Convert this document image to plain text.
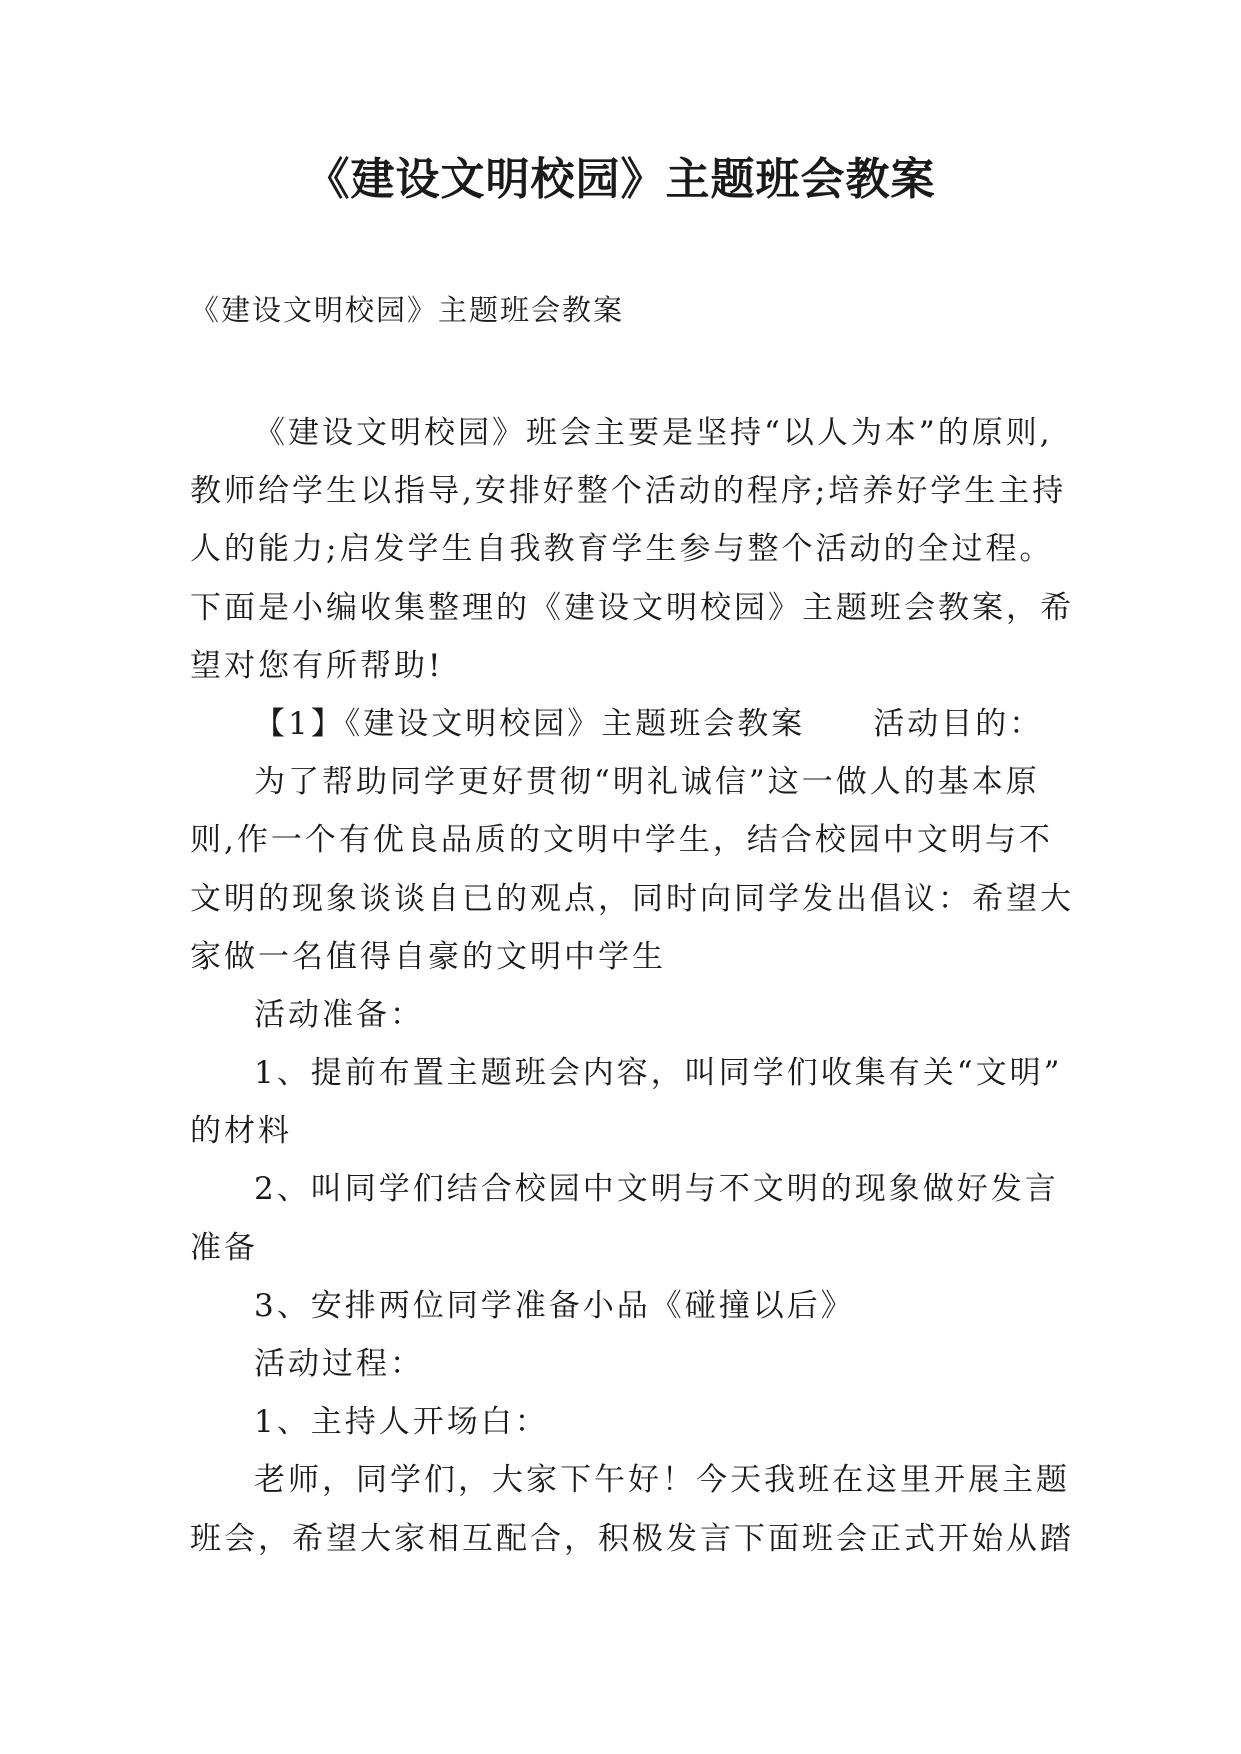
《建设文明校园》主题班会教案

《建设文明校园》主题班会教案

《建设文明校园》班会主要是坚持“以人为本”的原则,
教师给学生以指导,安排好整个活动的程序;培养好学生主持
人的能力;启发学生自我教育学生参与整个活动的全过程。
下面是小编收集整理的《建设文明校园》主题班会教案，希
望对您有所帮助!
【1】《建设文明校园》主题班会教案　　活动目的：
为了帮助同学更好贯彻“明礼诚信”这一做人的基本原
则,作一个有优良品质的文明中学生，结合校园中文明与不
文明的现象谈谈自已的观点，同时向同学发出倡议：希望大
家做一名值得自豪的文明中学生
活动准备：
1、提前布置主题班会内容，叫同学们收集有关“文明”
的材料
2、叫同学们结合校园中文明与不文明的现象做好发言
准备
3、安排两位同学准备小品《碰撞以后》
活动过程：
1、主持人开场白：
老师，同学们，大家下午好！今天我班在这里开展主题
班会，希望大家相互配合，积极发言下面班会正式开始从踏
